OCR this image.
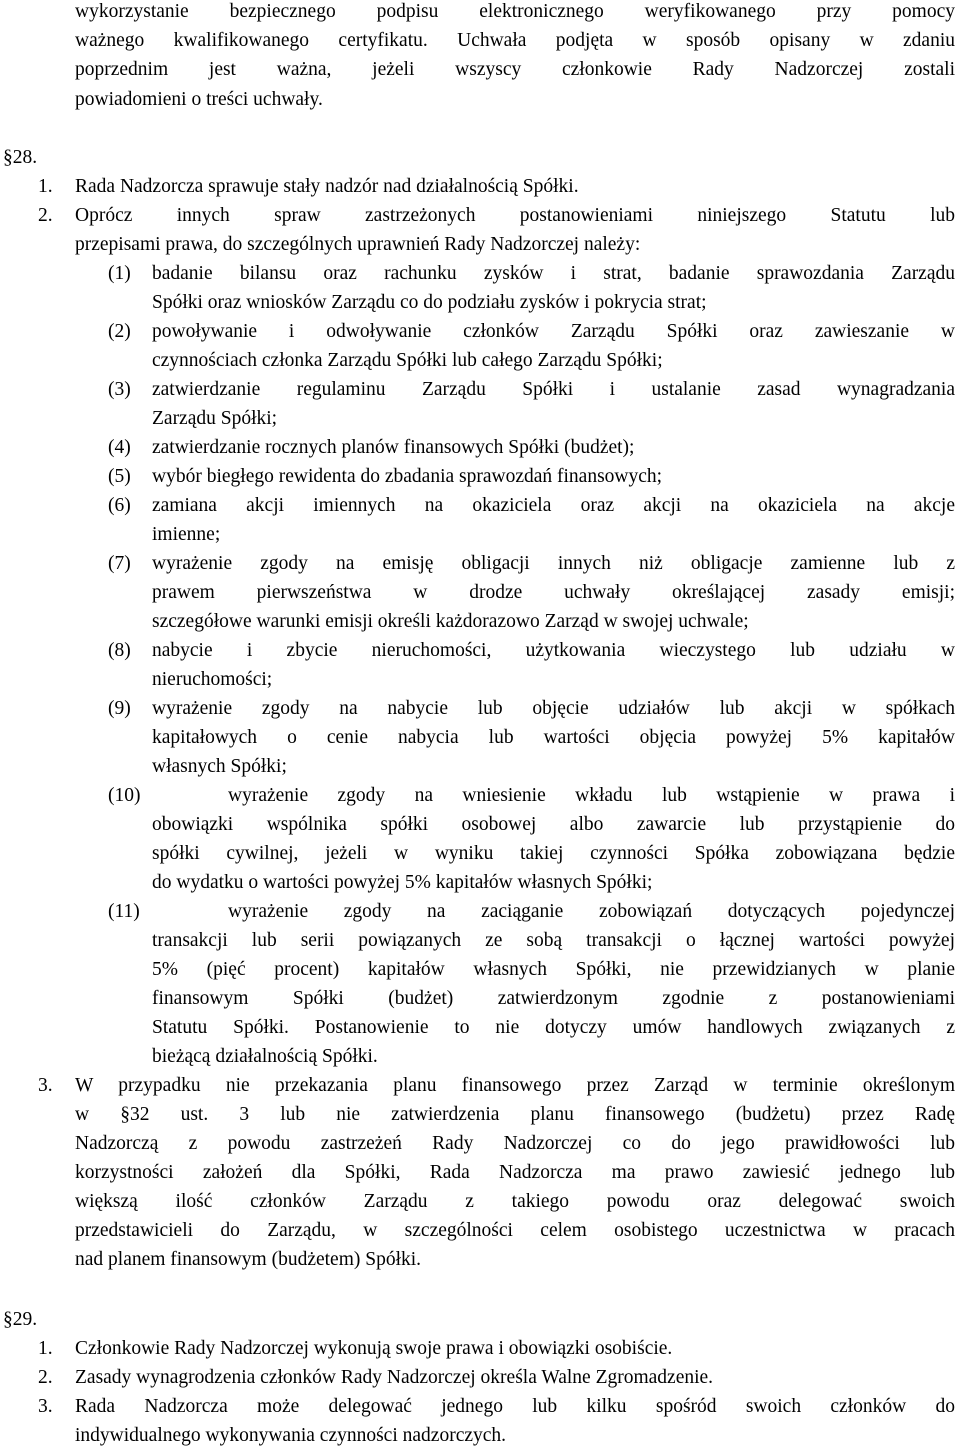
wykorzystanie bezpiecznego podpisu elektronicznego weryfikowanego przy pomocy
ważnego kwalifikowanego certyfikatu. Uchwała podjęta w sposób opisany w zdaniu
poprzednim jest ważna, jeżeli wszyscy członkowie Rady Nadzorczej zostali
powiadomieni o treści uchwały.
§28.
1. Rada Nadzorcza sprawuje stały nadzór nad działalnością Spółki.
2. Oprócz innych spraw zastrzeżonych postanowieniami niniejszego Statutu lub
przepisami prawa, do szczególnych uprawnień Rady Nadzorczej należy:
(1) badanie bilansu oraz rachunku zysków i strat, badanie sprawozdania Zarządu
Spółki oraz wniosków Zarządu co do podziału zysków i pokrycia strat;
(2) powoływanie i odwoływanie członków Zarządu Spółki oraz zawieszanie w
czynnościach członka Zarządu Spółki lub całego Zarządu Spółki;
(3) zatwierdzanie regulaminu Zarządu Spółki i ustalanie zasad wynagradzania
Zarządu Spółki;
(4) zatwierdzanie rocznych planów finansowych Spółki (budżet);
(5) wybór biegłego rewidenta do zbadania sprawozdań finansowych;
(6) zamiana akcji imiennych na okaziciela oraz akcji na okaziciela na akcje
imienne;
(7) wyrażenie zgody na emisję obligacji innych niż obligacje zamienne lub z
prawem pierwszeństwa w drodze uchwały określającej zasady emisji;
szczegółowe warunki emisji określi każdorazowo Zarząd w swojej uchwale;
(8) nabycie i zbycie nieruchomości, użytkowania wieczystego lub udziału w
nieruchomości;
(9) wyrażenie zgody na nabycie lub objęcie udziałów lub akcji w spółkach
kapitałowych o cenie nabycia lub wartości objęcia powyżej 5% kapitałów
własnych Spółki;
(10)	wyrażenie zgody na wniesienie wkładu lub wstąpienie w prawa i
obowiązki wspólnika spółki osobowej albo zawarcie lub przystąpienie do
spółki cywilnej, jeżeli w wyniku takiej czynności Spółka zobowiązana będzie
do wydatku o wartości powyżej 5% kapitałów własnych Spółki;
(11)	wyrażenie zgody na zaciąganie zobowiązań dotyczących pojedynczej
transakcji lub serii powiązanych ze sobą transakcji o łącznej wartości powyżej
5% (pięć procent) kapitałów własnych Spółki, nie przewidzianych w planie
finansowym Spółki (budżet) zatwierdzonym zgodnie z postanowieniami
Statutu Spółki. Postanowienie to nie dotyczy umów handlowych związanych z
bieżącą działalnością Spółki.
3. W przypadku nie przekazania planu finansowego przez Zarząd w terminie określonym
w §32 ust. 3 lub nie zatwierdzenia planu finansowego (budżetu) przez Radę
Nadzorczą z powodu zastrzeżeń Rady Nadzorczej co do jego prawidłowości lub
korzystności założeń dla Spółki, Rada Nadzorcza ma prawo zawiesić jednego lub
większą ilość członków Zarządu z takiego powodu oraz delegować swoich
przedstawicieli do Zarządu, w szczególności celem osobistego uczestnictwa w pracach
nad planem finansowym (budżetem) Spółki.
§29.
1. Członkowie Rady Nadzorczej wykonują swoje prawa i obowiązki osobiście.
2. Zasady wynagrodzenia członków Rady Nadzorczej określa Walne Zgromadzenie.
3. Rada Nadzorcza może delegować jednego lub kilku spośród swoich członków do
indywidualnego wykonywania czynności nadzorczych.
